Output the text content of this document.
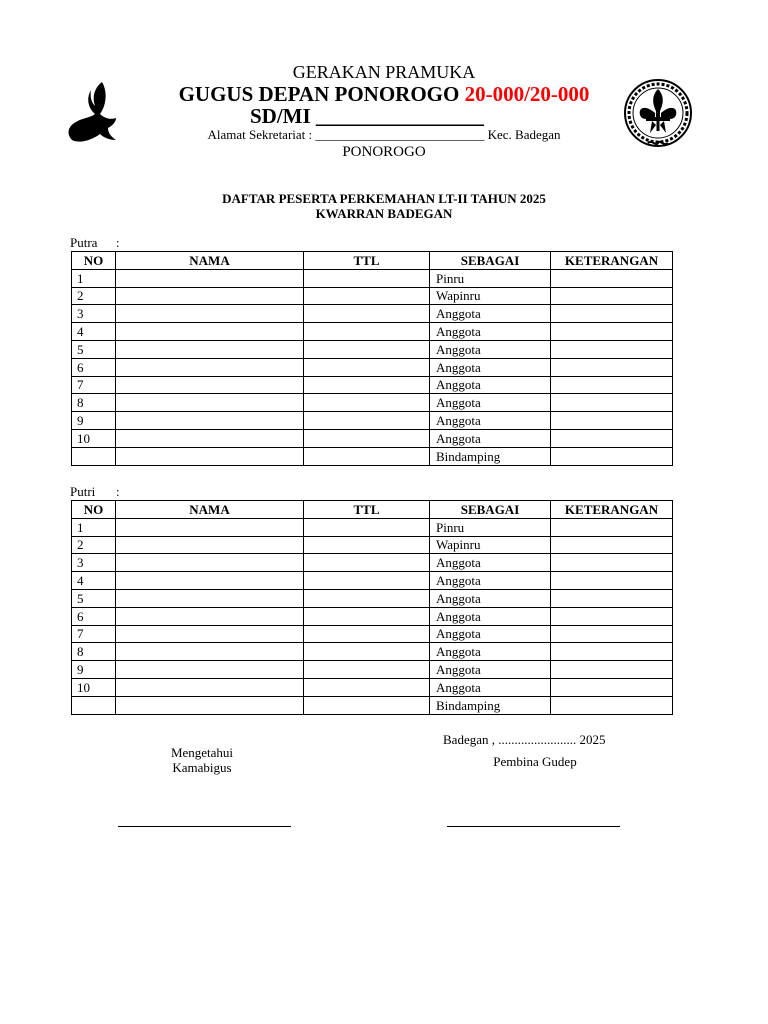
GERAKAN PRAMUKA
GUGUS DEPAN PONOROGO 20-000/20-000
SD/MI ________________
Alamat Sekretariat : __________________________ Kec. Badegan
PONOROGO
DAFTAR PESERTA PERKEMAHAN LT-II TAHUN 2025
KWARRAN BADEGAN
Putra :
NO	NAMA	TTL	SEBAGAI	KETERANGAN
1			Pinru	
2			Wapinru	
3			Anggota	
4			Anggota	
5			Anggota	
6			Anggota	
7			Anggota	
8			Anggota	
9			Anggota	
10			Anggota	
			Bindamping	
Putri :
NO	NAMA	TTL	SEBAGAI	KETERANGAN
1			Pinru	
2			Wapinru	
3			Anggota	
4			Anggota	
5			Anggota	
6			Anggota	
7			Anggota	
8			Anggota	
9			Anggota	
10			Anggota	
			Bindamping	
Mengetahui
Kamabigus
Badegan , ........................ 2025
Pembina Gudep
